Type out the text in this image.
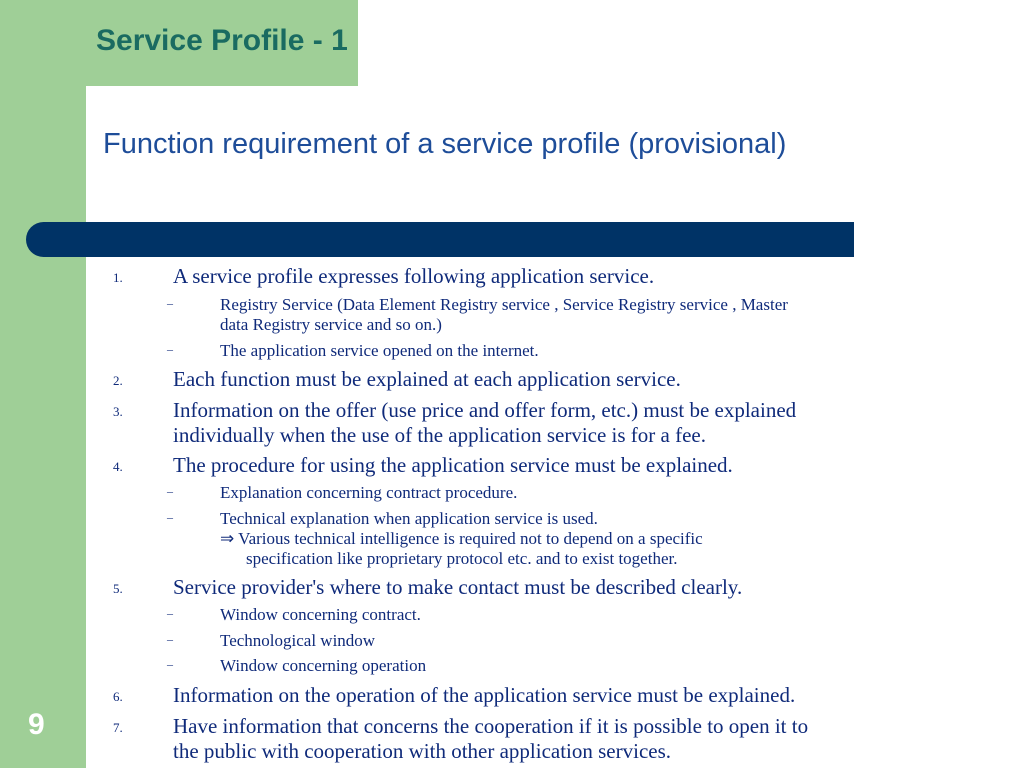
Service Profile - 1
Function requirement of a service profile (provisional)
1. A service profile expresses following application service.
–	Registry Service (Data Element Registry service , Service Registry service , Master
data Registry service and so on.)
–	The application service opened on the internet.
2. Each function must be explained at each application service.
3. Information on the offer (use price and offer form, etc.) must be explained
individually when the use of the application service is for a fee.
4. The procedure for using the application service must be explained.
–	Explanation concerning contract procedure.
–	Technical explanation when application service is used.
⇒ Various technical intelligence is required not to depend on a specific
specification like proprietary protocol etc. and to exist together.
5. Service provider's where to make contact must be described clearly.
–	Window concerning contract.
–	Technological window
–	Window concerning operation
6. Information on the operation of the application service must be explained.
7. Have information that concerns the cooperation if it is possible to open it to
the public with cooperation with other application services.
9
